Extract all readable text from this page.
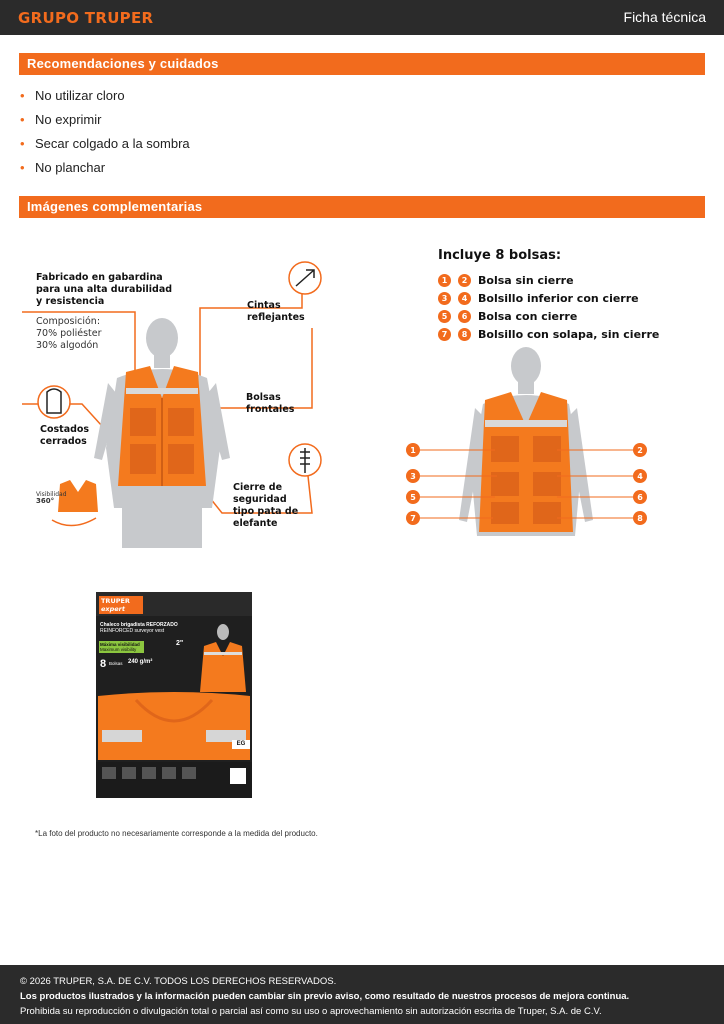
GRUPO TRUPER	Ficha técnica
Recomendaciones y cuidados
• No utilizar cloro
• No exprimir
• Secar colgado a la sombra
• No planchar
Imágenes complementarias
Fabricado en gabardina
para una alta durabilidad
y resistencia
Composición:
70% poliéster
30% algodón
Cintas reflejantes
Bolsas frontales
Costados
cerrados
Cierre de seguridad
tipo pata de elefante
Visibilidad
360°
Incluye 8 bolsas:
1	2 Bolsa sin cierre
3	4 Bolsillo inferior con cierre
5	6 Bolsa con cierre
7	8 Bolsillo con solapa, sin cierre
1
3
5
7
2
4
6
8
TRUPER
expert
Chaleco brigadista REFORZADO
REINFORCED surveyor vest
Máxima visibilidad
Maximum visibility
8 Bolsas 240 g/m²
2"
EG
*La foto del producto no necesariamente corresponde a la medida del producto.

© 2026 TRUPER, S.A. DE C.V. TODOS LOS DERECHOS RESERVADOS.

Los productos ilustrados y la información pueden cambiar sin previo aviso, como resultado de nuestros procesos de mejora continua.

Prohibida su reproducción o divulgación total o parcial así como su uso o aprovechamiento sin autorización escrita de Truper, S.A. de C.V.
